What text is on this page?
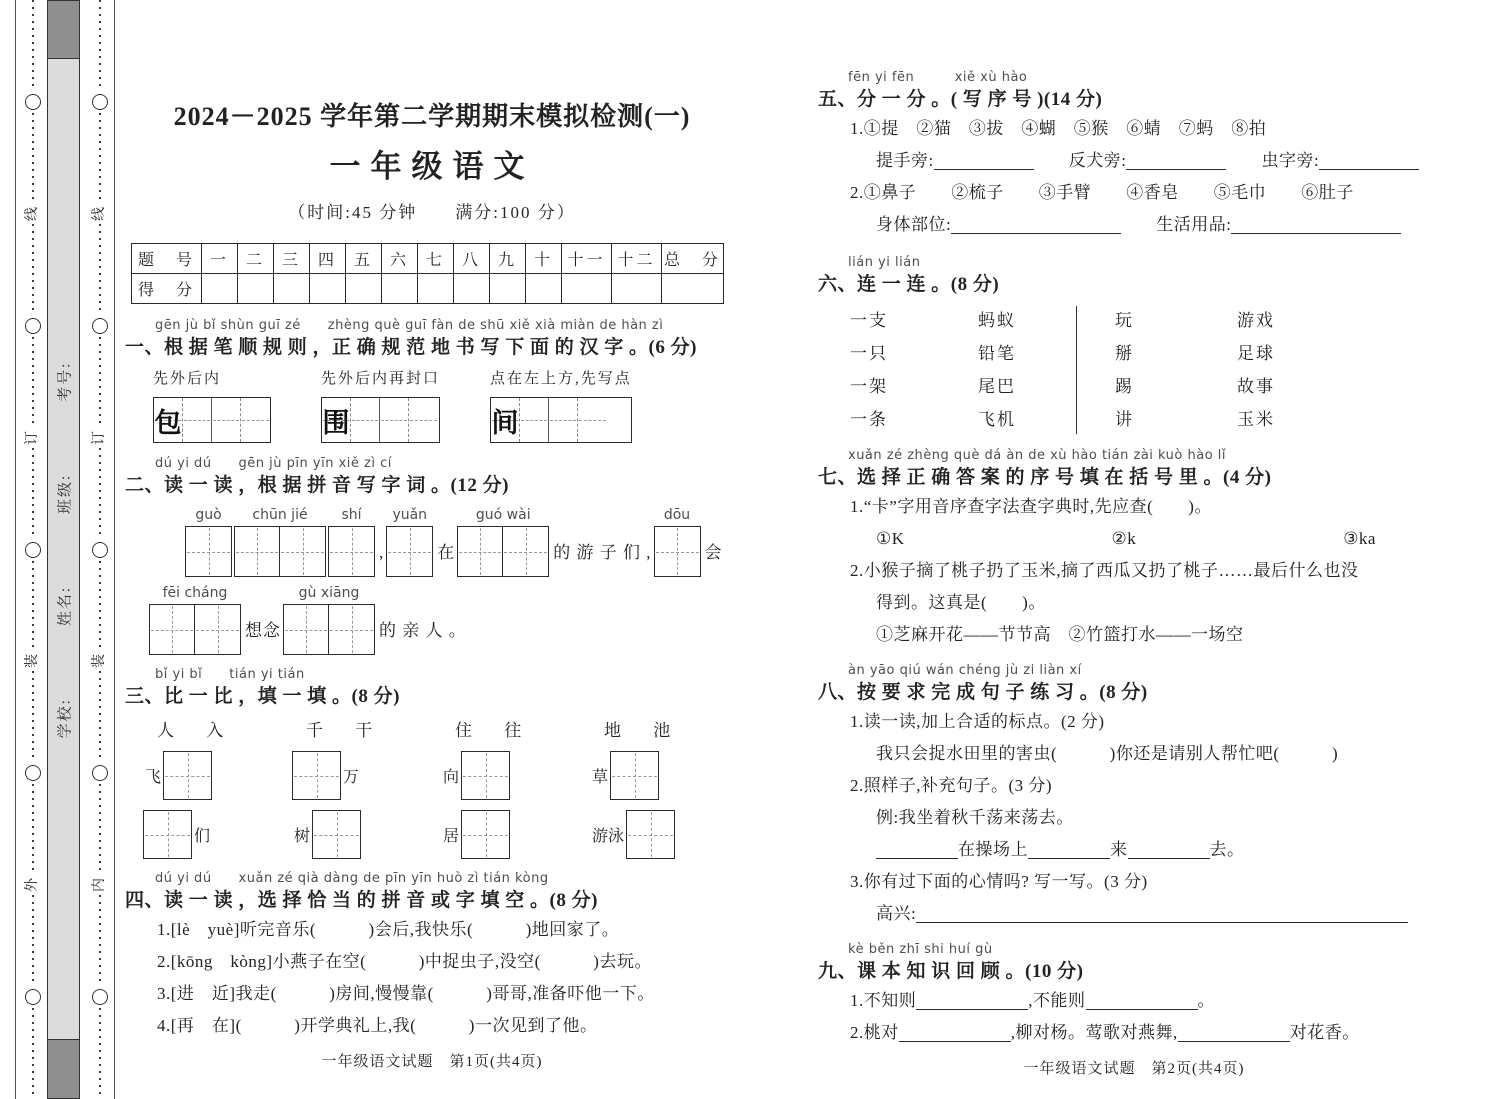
线
订
装
外
学校:
姓名:
班级:
考号:
线
订
装
内
2024－2025 学年第二学期期末模拟检测(一)
一年级语文
（时间:45 分钟　　满分:100 分）
题　号	一	二	三	四	五	六	七	八	九	十	十一	十二	总　分
得　分													
gēn jù bǐ shùn guī zé　　zhèng què guī fàn de shū xiě xià miàn de hàn zì
一、根 据 笔 顺 规 则 ，正 确 规 范 地 书 写 下 面 的 汉 字 。(6 分)
先外后内
包
先外后内再封口
围
点在左上方,先写点
间
dú yi dú　　gēn jù pīn yīn xiě zì cí
二、读 一 读 ，根 据 拼 音 写 字 词 。(12 分)
guò chūn jié shí
,
yuǎn
在
guó wài
的 游 子 们 ,
dōu
会
fēi cháng
想念
gù xiāng
的 亲 人 。
bǐ yi bǐ　　tián yi tián
三、比 一 比 ，填 一 填 。(8 分)
人 入
飞
们
千 干
万
树
住 往
向
居
地 池
草
游泳
dú yi dú　　xuǎn zé qià dàng de pīn yīn huò zì tián kòng
四、读 一 读 ，选 择 恰 当 的 拼 音 或 字 填 空 。(8 分)
1.[lè　yuè]听完音乐(　　　)会后,我快乐(　　　)地回家了。
2.[kōng　kòng]小燕子在空(　　　)中捉虫子,没空(　　　)去玩。
3.[进　近]我走(　　　)房间,慢慢靠(　　　)哥哥,准备吓他一下。
4.[再　在](　　　)开学典礼上,我(　　　)一次见到了他。
一年级语文试题　第1页(共4页)
fēn yi fēn　　　xiě xù hào
五、分 一 分 。( 写 序 号 )(14 分)
1.①提　②猫　③拔　④蝴　⑤猴　⑥蜻　⑦蚂　⑧拍
提手旁:	　　反犬旁:	　　虫字旁:
2.①鼻子　　②梳子　　③手臂　　④香皂　　⑤毛巾　　⑥肚子
身体部位:	　　生活用品:
lián yi lián
六、连 一 连 。(8 分)
一支
一只
一架
一条
蚂蚁
铅笔
尾巴
飞机
玩
掰
踢
讲
游戏
足球
故事
玉米
xuǎn zé zhèng què dá àn de xù hào tián zài kuò hào lǐ
七、选 择 正 确 答 案 的 序 号 填 在 括 号 里 。(4 分)
1.“卡”字用音序查字法查字典时,先应查(　　)。
①K	②k	③ka
2.小猴子摘了桃子扔了玉米,摘了西瓜又扔了桃子……最后什么也没
得到。这真是(　　)。
①芝麻开花——节节高　②竹篮打水——一场空
àn yāo qiú wán chéng jù zi liàn xí
八、按 要 求 完 成 句 子 练 习 。(8 分)
1.读一读,加上合适的标点。(2 分)
我只会捉水田里的害虫(　　　)你还是请别人帮忙吧(　　　)
2.照样子,补充句子。(3 分)
例:我坐着秋千荡来荡去。
在操场上	来	去。
3.你有过下面的心情吗? 写一写。(3 分)
高兴:
kè běn zhī shi huí gù
九、课 本 知 识 回 顾 。(10 分)
1.不知则	,不能则	。
2.桃对	,柳对杨。莺歌对燕舞,	对花香。
一年级语文试题　第2页(共4页)
